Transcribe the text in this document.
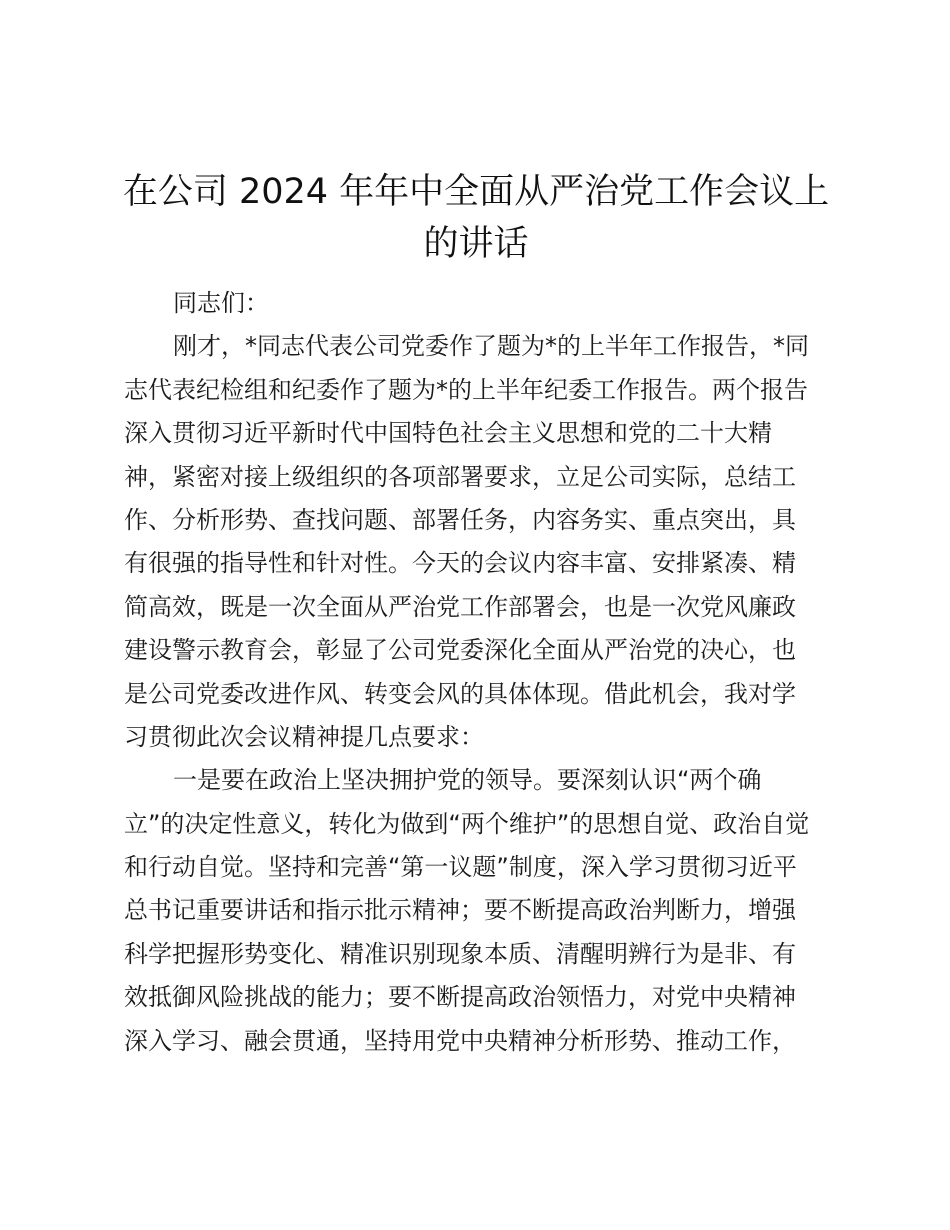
在公司 2024 年年中全面从严治党工作会议上
的讲话
同志们：
刚才，*同志代表公司党委作了题为*的上半年工作报告，*同
志代表纪检组和纪委作了题为*的上半年纪委工作报告。两个报告
深入贯彻习近平新时代中国特色社会主义思想和党的二十大精
神，紧密对接上级组织的各项部署要求，立足公司实际，总结工
作、分析形势、查找问题、部署任务，内容务实、重点突出，具
有很强的指导性和针对性。今天的会议内容丰富、安排紧凑、精
简高效，既是一次全面从严治党工作部署会，也是一次党风廉政
建设警示教育会，彰显了公司党委深化全面从严治党的决心，也
是公司党委改进作风、转变会风的具体体现。借此机会，我对学
习贯彻此次会议精神提几点要求：
一是要在政治上坚决拥护党的领导。要深刻认识“两个确
立”的决定性意义，转化为做到“两个维护”的思想自觉、政治自觉
和行动自觉。坚持和完善“第一议题”制度，深入学习贯彻习近平
总书记重要讲话和指示批示精神；要不断提高政治判断力，增强
科学把握形势变化、精准识别现象本质、清醒明辨行为是非、有
效抵御风险挑战的能力；要不断提高政治领悟力，对党中央精神
深入学习、融会贯通，坚持用党中央精神分析形势、推动工作，
